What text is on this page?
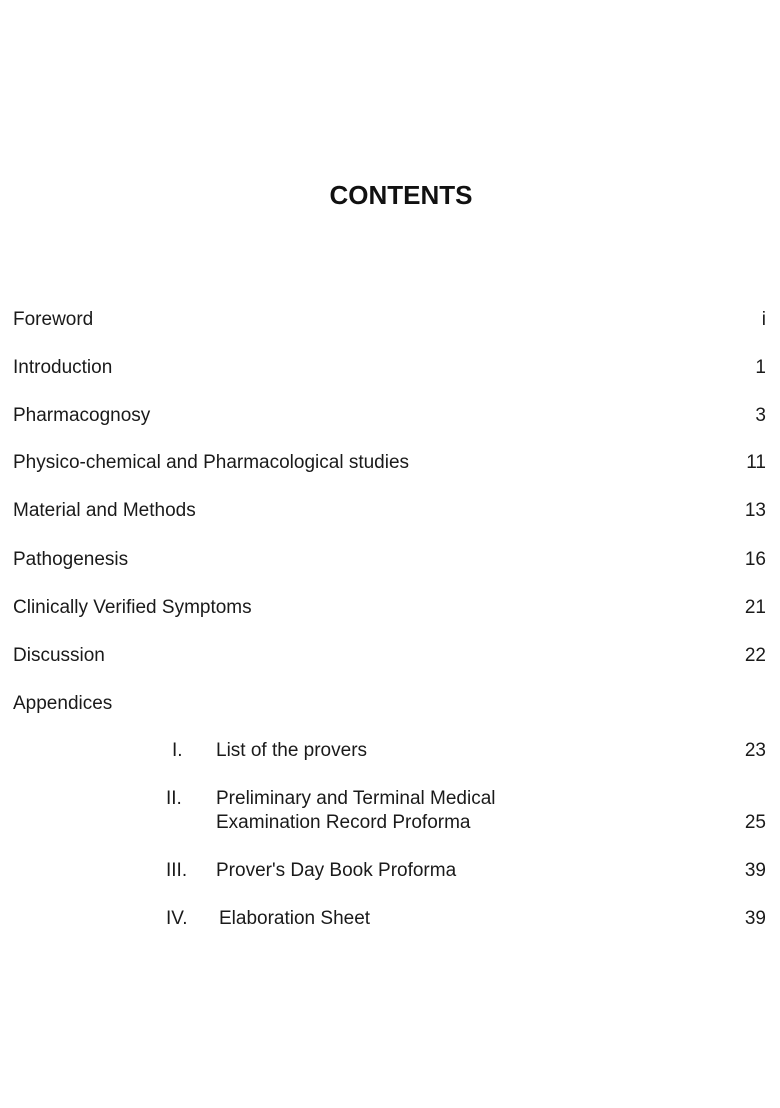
CONTENTS
Foreword	i
Introduction	1
Pharmacognosy	3
Physico-chemical and Pharmacological studies	11
Material and Methods	13
Pathogenesis	16
Clinically Verified Symptoms	21
Discussion	22
Appendices
I. List of the provers	23
II. Preliminary and Terminal Medical
Examination Record Proforma	25
III. Prover's Day Book Proforma	39
IV. Elaboration Sheet	39
